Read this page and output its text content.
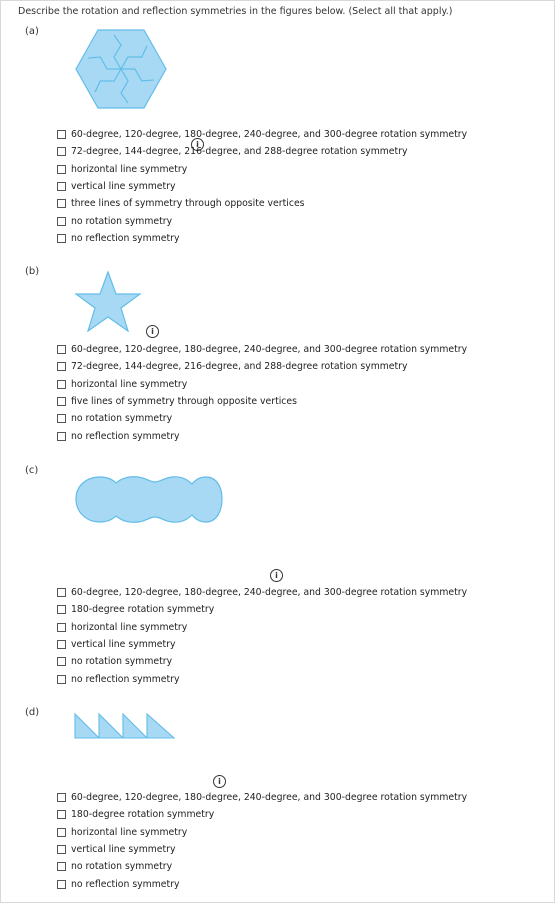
Describe the rotation and reflection symmetries in the figures below. (Select all that apply.)
(a)
i
60-degree, 120-degree, 180-degree, 240-degree, and 300-degree rotation symmetry
72-degree, 144-degree, 216-degree, and 288-degree rotation symmetry
horizontal line symmetry
vertical line symmetry
three lines of symmetry through opposite vertices
no rotation symmetry
no reflection symmetry
(b)
i
60-degree, 120-degree, 180-degree, 240-degree, and 300-degree rotation symmetry
72-degree, 144-degree, 216-degree, and 288-degree rotation symmetry
horizontal line symmetry
five lines of symmetry through opposite vertices
no rotation symmetry
no reflection symmetry
(c)
i
60-degree, 120-degree, 180-degree, 240-degree, and 300-degree rotation symmetry
180-degree rotation symmetry
horizontal line symmetry
vertical line symmetry
no rotation symmetry
no reflection symmetry
(d)
i
60-degree, 120-degree, 180-degree, 240-degree, and 300-degree rotation symmetry
180-degree rotation symmetry
horizontal line symmetry
vertical line symmetry
no rotation symmetry
no reflection symmetry
